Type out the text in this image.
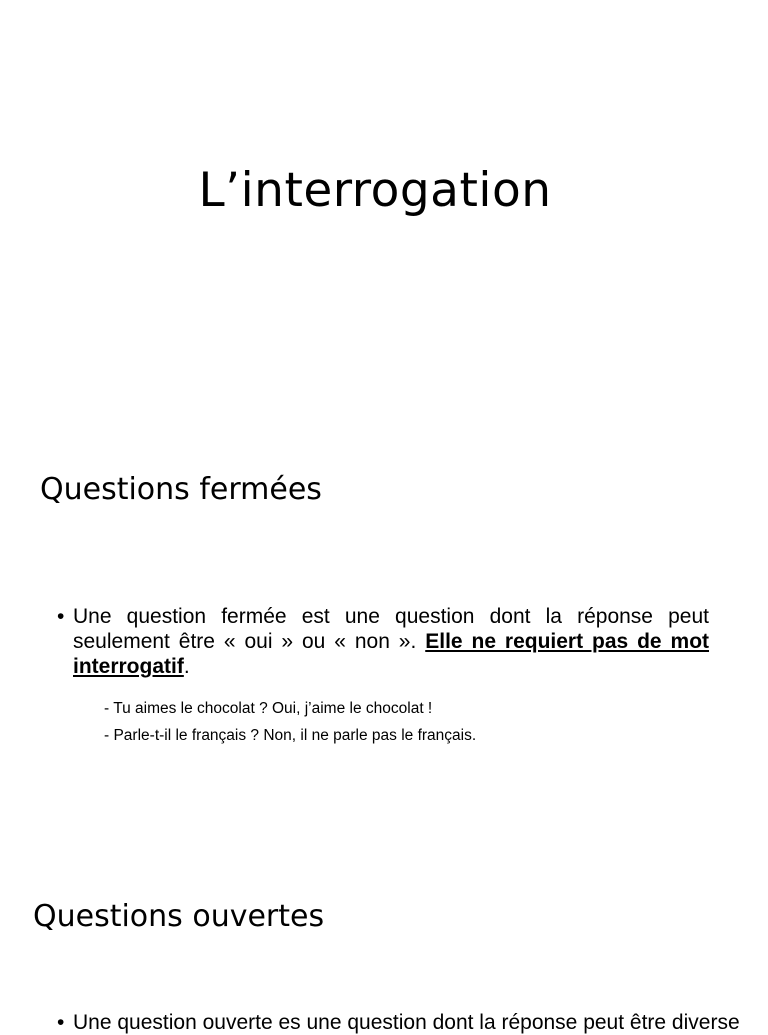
L’interrogation
Questions fermées
• Une question fermée est une question dont la réponse peut seulement être « oui » ou « non ». Elle ne requiert pas de mot interrogatif.

- Tu aimes le chocolat ? Oui, j’aime le chocolat !

- Parle-t-il le français ? Non, il ne parle pas le français.

Questions ouvertes
• Une question ouverte es une question dont la réponse peut être diverse
